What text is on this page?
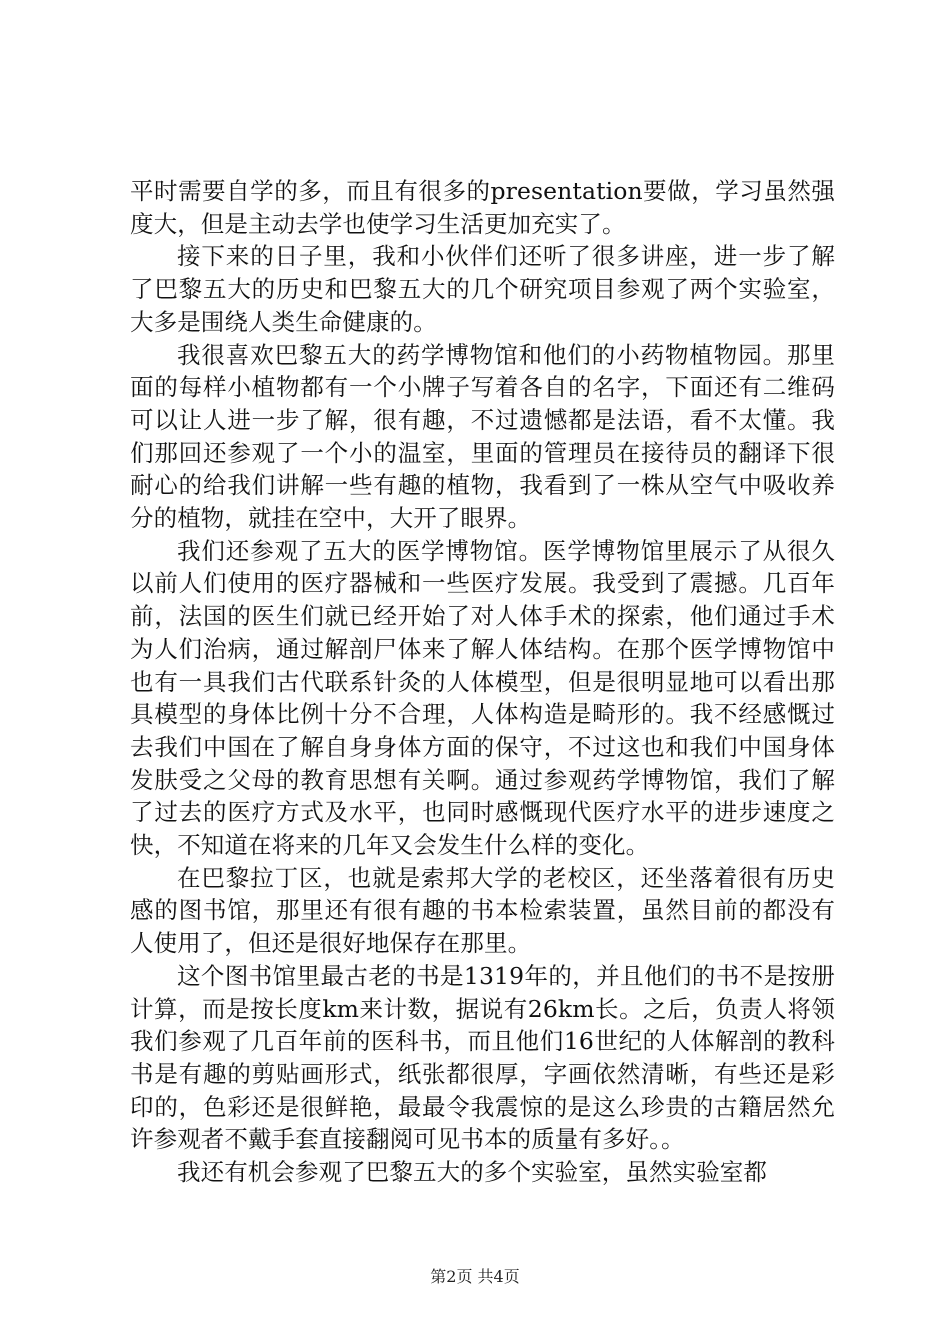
平时需要自学的多，而且有很多的presentation要做，学习虽然强度大，但是主动去学也使学习生活更加充实了。

接下来的日子里，我和小伙伴们还听了很多讲座，进一步了解了巴黎五大的历史和巴黎五大的几个研究项目参观了两个实验室，大多是围绕人类生命健康的。

我很喜欢巴黎五大的药学博物馆和他们的小药物植物园。那里面的每样小植物都有一个小牌子写着各自的名字，下面还有二维码可以让人进一步了解，很有趣，不过遗憾都是法语，看不太懂。我们那回还参观了一个小的温室，里面的管理员在接待员的翻译下很耐心的给我们讲解一些有趣的植物，我看到了一株从空气中吸收养分的植物，就挂在空中，大开了眼界。

我们还参观了五大的医学博物馆。医学博物馆里展示了从很久以前人们使用的医疗器械和一些医疗发展。我受到了震撼。几百年前，法国的医生们就已经开始了对人体手术的探索，他们通过手术为人们治病，通过解剖尸体来了解人体结构。在那个医学博物馆中也有一具我们古代联系针灸的人体模型，但是很明显地可以看出那具模型的身体比例十分不合理，人体构造是畸形的。我不经感慨过去我们中国在了解自身身体方面的保守，不过这也和我们中国身体发肤受之父母的教育思想有关啊。通过参观药学博物馆，我们了解了过去的医疗方式及水平，也同时感慨现代医疗水平的进步速度之快，不知道在将来的几年又会发生什么样的变化。

在巴黎拉丁区，也就是索邦大学的老校区，还坐落着很有历史感的图书馆，那里还有很有趣的书本检索装置，虽然目前的都没有人使用了，但还是很好地保存在那里。

这个图书馆里最古老的书是1319年的，并且他们的书不是按册计算，而是按长度km来计数，据说有26km长。之后，负责人将领我们参观了几百年前的医科书，而且他们16世纪的人体解剖的教科书是有趣的剪贴画形式，纸张都很厚，字画依然清晰，有些还是彩印的，色彩还是很鲜艳，最最令我震惊的是这么珍贵的古籍居然允许参观者不戴手套直接翻阅可见书本的质量有多好。。

我还有机会参观了巴黎五大的多个实验室，虽然实验室都

第2页 共4页
